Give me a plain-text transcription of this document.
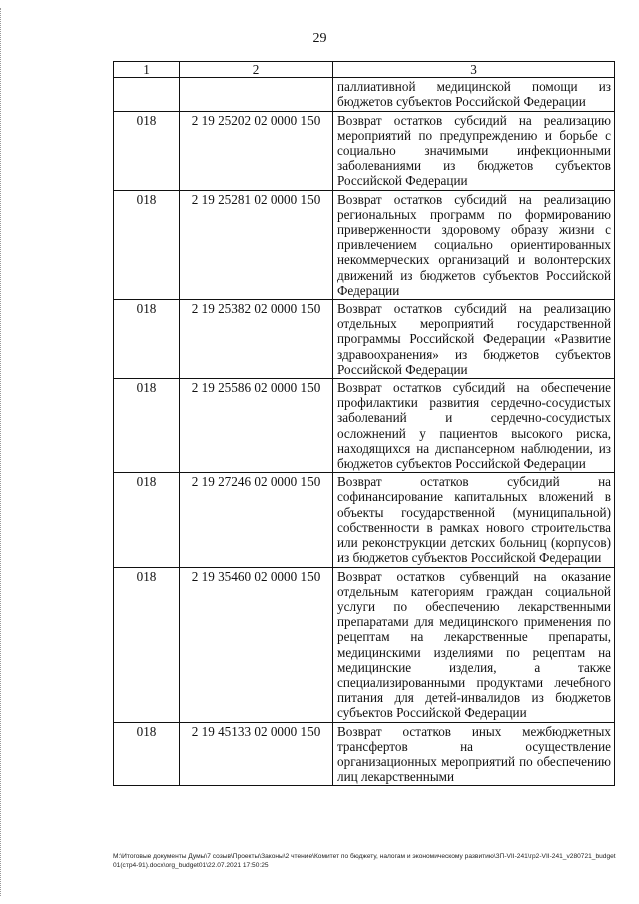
29
1	2	3
		паллиативной медицинской помощи из бюджетов субъектов Российской Федерации
018	2 19 25202 02 0000 150	Возврат остатков субсидий на реализацию мероприятий по предупреждению и борьбе с социально значимыми инфекционными заболеваниями из бюджетов субъектов Российской Федерации
018	2 19 25281 02 0000 150	Возврат остатков субсидий на реализацию региональных программ по формированию приверженности здоровому образу жизни с привлечением социально ориентированных некоммерческих организаций и волонтерских движений из бюджетов субъектов Российской Федерации
018	2 19 25382 02 0000 150	Возврат остатков субсидий на реализацию отдельных мероприятий государственной программы Российской Федерации «Развитие здравоохранения» из бюджетов субъектов Российской Федерации
018	2 19 25586 02 0000 150	Возврат остатков субсидий на обеспечение профилактики развития сердечно-сосудистых заболеваний и сердечно-сосудистых осложнений у пациентов высокого риска, находящихся на диспансерном наблюдении, из бюджетов субъектов Российской Федерации
018	2 19 27246 02 0000 150	Возврат остатков субсидий на софинансирование капитальных вложений в объекты государственной (муниципальной) собственности в рамках нового строительства или реконструкции детских больниц (корпусов) из бюджетов субъектов Российской Федерации
018	2 19 35460 02 0000 150	Возврат остатков субвенций на оказание отдельным категориям граждан социальной услуги по обеспечению лекарственными препаратами для медицинского применения по рецептам на лекарственные препараты, медицинскими изделиями по рецептам на медицинские изделия, а также специализированными продуктами лечебного питания для детей-инвалидов из бюджетов субъектов Российской Федерации
018	2 19 45133 02 0000 150	Возврат остатков иных межбюджетных трансфертов на осуществление организационных мероприятий по обеспечению лиц лекарственными
M:\Итоговые документы Думы\7 созыв\Проекты\Законы\2 чтение\Комитет по бюджету, налогам и экономическому развитию\ЗП-VII-241\гр2-VII-241_v280721_budget01(стр4-91).docx\org_budget01\22.07.2021 17:50:25
